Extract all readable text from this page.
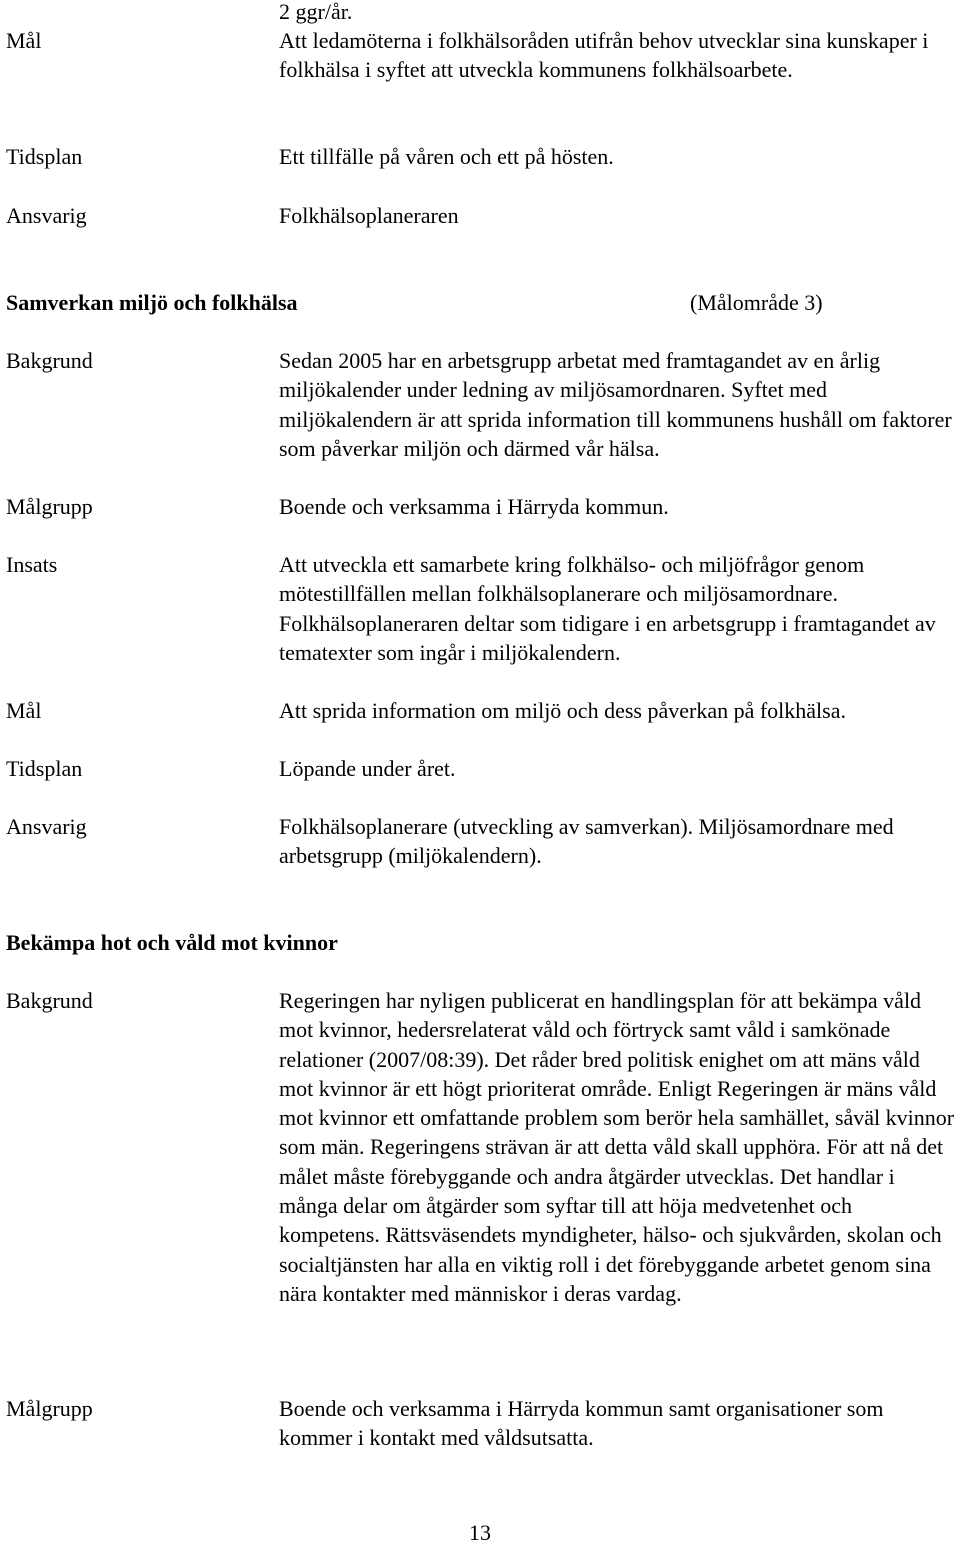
2 ggr/år.
Mål	Att ledamöterna i folkhälsoråden utifrån behov utvecklar sina kunskaper i folkhälsa i syftet att utveckla kommunens folkhälsoarbete.
Tidsplan	Ett tillfälle på våren och ett på hösten.
Ansvarig	Folkhälsoplaneraren
Samverkan miljö och folkhälsa	(Målområde 3)
Bakgrund	Sedan 2005 har en arbetsgrupp arbetat med framtagandet av en årlig miljökalender under ledning av miljösamordnaren. Syftet med miljökalendern är att sprida information till kommunens hushåll om faktorer som påverkar miljön och därmed vår hälsa.
Målgrupp	Boende och verksamma i Härryda kommun.
Insats	Att utveckla ett samarbete kring folkhälso- och miljöfrågor genom mötestillfällen mellan folkhälsoplanerare och miljösamordnare. Folkhälsoplaneraren deltar som tidigare i en arbetsgrupp i framtagandet av tematexter som ingår i miljökalendern.
Mål	Att sprida information om miljö och dess påverkan på folkhälsa.
Tidsplan	Löpande under året.
Ansvarig	Folkhälsoplanerare (utveckling av samverkan). Miljösamordnare med arbetsgrupp (miljökalendern).
Bekämpa hot och våld mot kvinnor
Bakgrund	Regeringen har nyligen publicerat en handlingsplan för att bekämpa våld mot kvinnor, hedersrelaterat våld och förtryck samt våld i samkönade relationer (2007/08:39). Det råder bred politisk enighet om att mäns våld mot kvinnor är ett högt prioriterat område. Enligt Regeringen är mäns våld mot kvinnor ett omfattande problem som berör hela samhället, såväl kvinnor som män. Regeringens strävan är att detta våld skall upphöra. För att nå det målet måste förebyggande och andra åtgärder utvecklas. Det handlar i många delar om åtgärder som syftar till att höja medvetenhet och kompetens. Rättsväsendets myndigheter, hälso- och sjukvården, skolan och socialtjänsten har alla en viktig roll i det förebyggande arbetet genom sina nära kontakter med människor i deras vardag.
Målgrupp	Boende och verksamma i Härryda kommun samt organisationer som kommer i kontakt med våldsutsatta.
13
